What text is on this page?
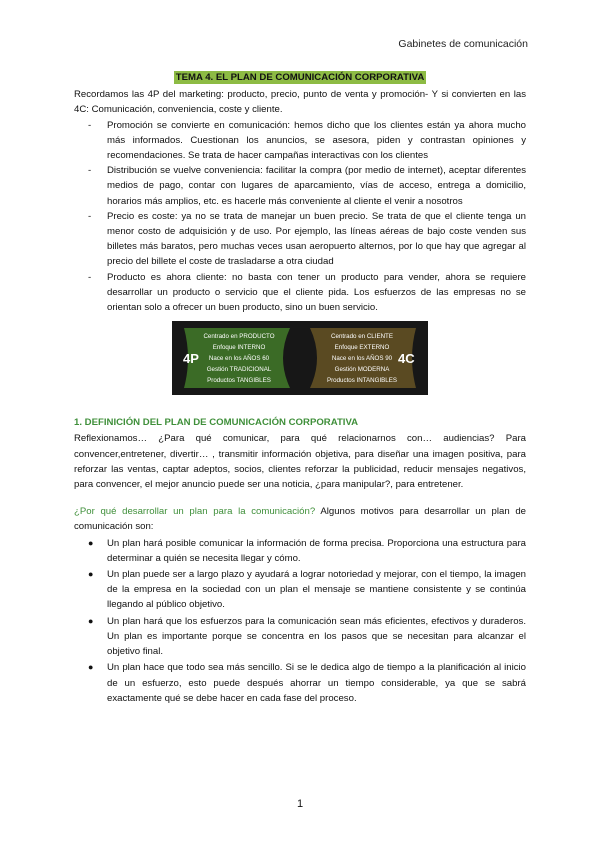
Gabinetes de comunicación
TEMA 4. EL PLAN DE COMUNICACIÓN CORPORATIVA

Recordamos las 4P del marketing: producto, precio, punto de venta y promoción- Y si convierten en las 4C: Comunicación, conveniencia, coste y cliente.

- Promoción se convierte en comunicación: hemos dicho que los clientes están ya ahora mucho más informados. Cuestionan los anuncios, se asesora, piden y contrastan opiniones y recomendaciones. Se trata de hacer campañas interactivas con los clientes
- Distribución se vuelve conveniencia: facilitar la compra (por medio de internet), aceptar diferentes medios de pago, contar con lugares de aparcamiento, vías de acceso, entrega a domicilio, horarios más amplios, etc. es hacerle más conveniente al cliente el venir a nosotros
- Precio es coste: ya no se trata de manejar un buen precio. Se trata de que el cliente tenga un menor costo de adquisición y de uso. Por ejemplo, las líneas aéreas de bajo coste venden sus billetes más baratos, pero muchas veces usan aeropuerto alternos, por lo que hay que agregar al precio del billete el coste de trasladarse a otra ciudad
- Producto es ahora cliente: no basta con tener un producto para vender, ahora se requiere desarrollar un producto o servicio que el cliente pida. Los esfuerzos de las empresas no se orientan solo a ofrecer un buen producto, sino un buen servicio.
4P	4C
Centrado en PRODUCTO
Enfoque INTERNO
Nace en los AÑOS 60
Gestión TRADICIONAL
Productos TANGIBLES
Centrado en CLIENTE
Enfoque EXTERNO
Nace en los AÑOS 90
Gestión MODERNA
Productos INTANGIBLES
1. DEFINICIÓN DEL PLAN DE COMUNICACIÓN CORPORATIVA

Reflexionamos… ¿Para qué comunicar, para qué relacionarnos con… audiencias? Para convencer,entretener, divertir… , transmitir información objetiva, para diseñar una imagen positiva, para reforzar las ventas, captar adeptos, socios, clientes reforzar la publicidad, reducir mensajes negativos, para convencer, el mejor anuncio puede ser una noticia, ¿para manipular?, para entretener.

¿Por qué desarrollar un plan para la comunicación? Algunos motivos para desarrollar un plan de comunicación son:

● Un plan hará posible comunicar la información de forma precisa. Proporciona una estructura para determinar a quién se necesita llegar y cómo.
● Un plan puede ser a largo plazo y ayudará a lograr notoriedad y mejorar, con el tiempo, la imagen de la empresa en la sociedad con un plan el mensaje se mantiene consistente y se continúa llegando al público objetivo.
● Un plan hará que los esfuerzos para la comunicación sean más eficientes, efectivos y duraderos. Un plan es importante porque se concentra en los pasos que se necesitan para alcanzar el objetivo final.
● Un plan hace que todo sea más sencillo. Si se le dedica algo de tiempo a la planificación al inicio de un esfuerzo, esto puede después ahorrar un tiempo considerable, ya que se sabrá exactamente qué se debe hacer en cada fase del proceso.
1
